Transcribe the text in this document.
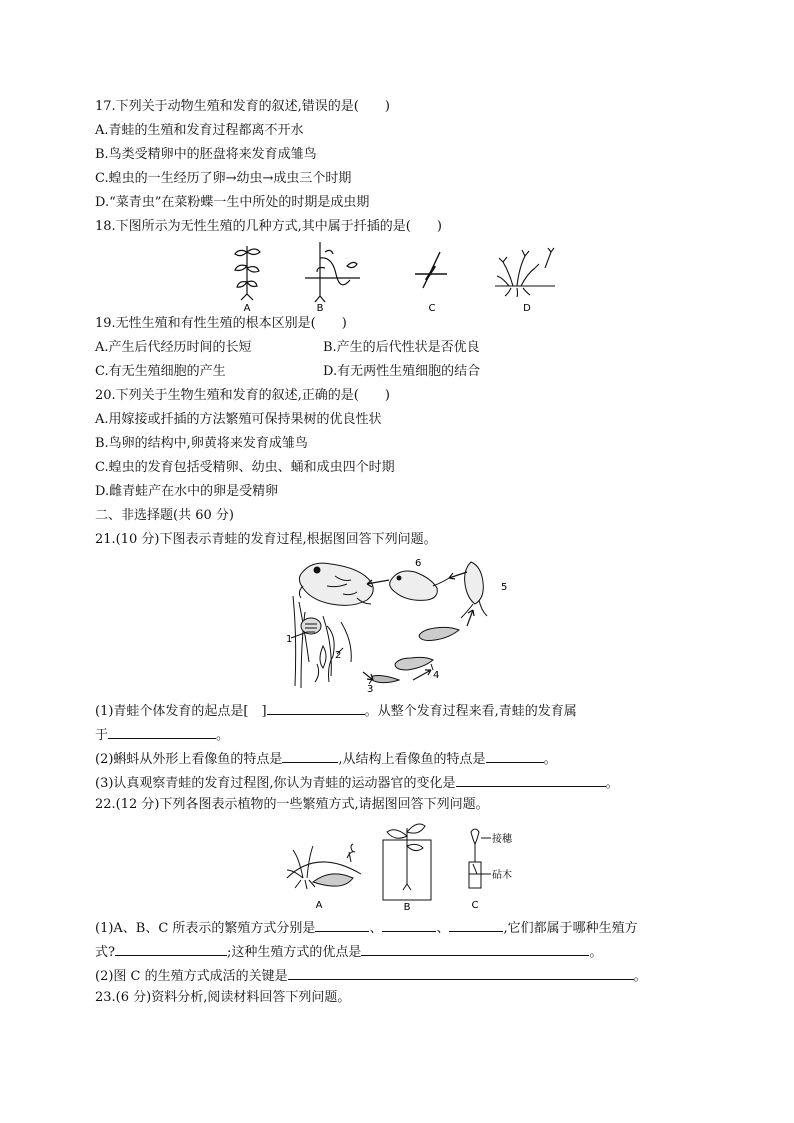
17.下列关于动物生殖和发育的叙述,错误的是(　　)
A.青蛙的生殖和发育过程都离不开水
B.鸟类受精卵中的胚盘将来发育成雏鸟
C.蝗虫的一生经历了卵→幼虫→成虫三个时期
D.“菜青虫”在菜粉蝶一生中所处的时期是成虫期
18.下图所示为无性生殖的几种方式,其中属于扦插的是(　　)
A	B	C	D
19.无性生殖和有性生殖的根本区别是(　　)
A.产生后代经历时间的长短	B.产生的后代性状是否优良
C.有无生殖细胞的产生	D.有无两性生殖细胞的结合
20.下列关于生物生殖和发育的叙述,正确的是(　　)
A.用嫁接或扦插的方法繁殖可保持果树的优良性状
B.鸟卵的结构中,卵黄将来发育成雏鸟
C.蝗虫的发育包括受精卵、幼虫、蛹和成虫四个时期
D.雌青蛙产在水中的卵是受精卵
二、非选择题(共 60 分)
21.(10 分)下图表示青蛙的发育过程,根据图回答下列问题。
1
2
3
4
5
6
(1)青蛙个体发育的起点是[　]	。从整个发育过程来看,青蛙的发育属
于	。
(2)蝌蚪从外形上看像鱼的特点是	,从结构上看像鱼的特点是	。
(3)认真观察青蛙的发育过程图,你认为青蛙的运动器官的变化是	。
22.(12 分)下列各图表示植物的一些繁殖方式,请据图回答下列问题。
接穗
砧木
A	B	C
(1)A、B、C 所表示的繁殖方式分别是	、	、	,它们都属于哪种生殖方
式?	;这种生殖方式的优点是	。
(2)图 C 的生殖方式成活的关键是	。
23.(6 分)资料分析,阅读材料回答下列问题。
